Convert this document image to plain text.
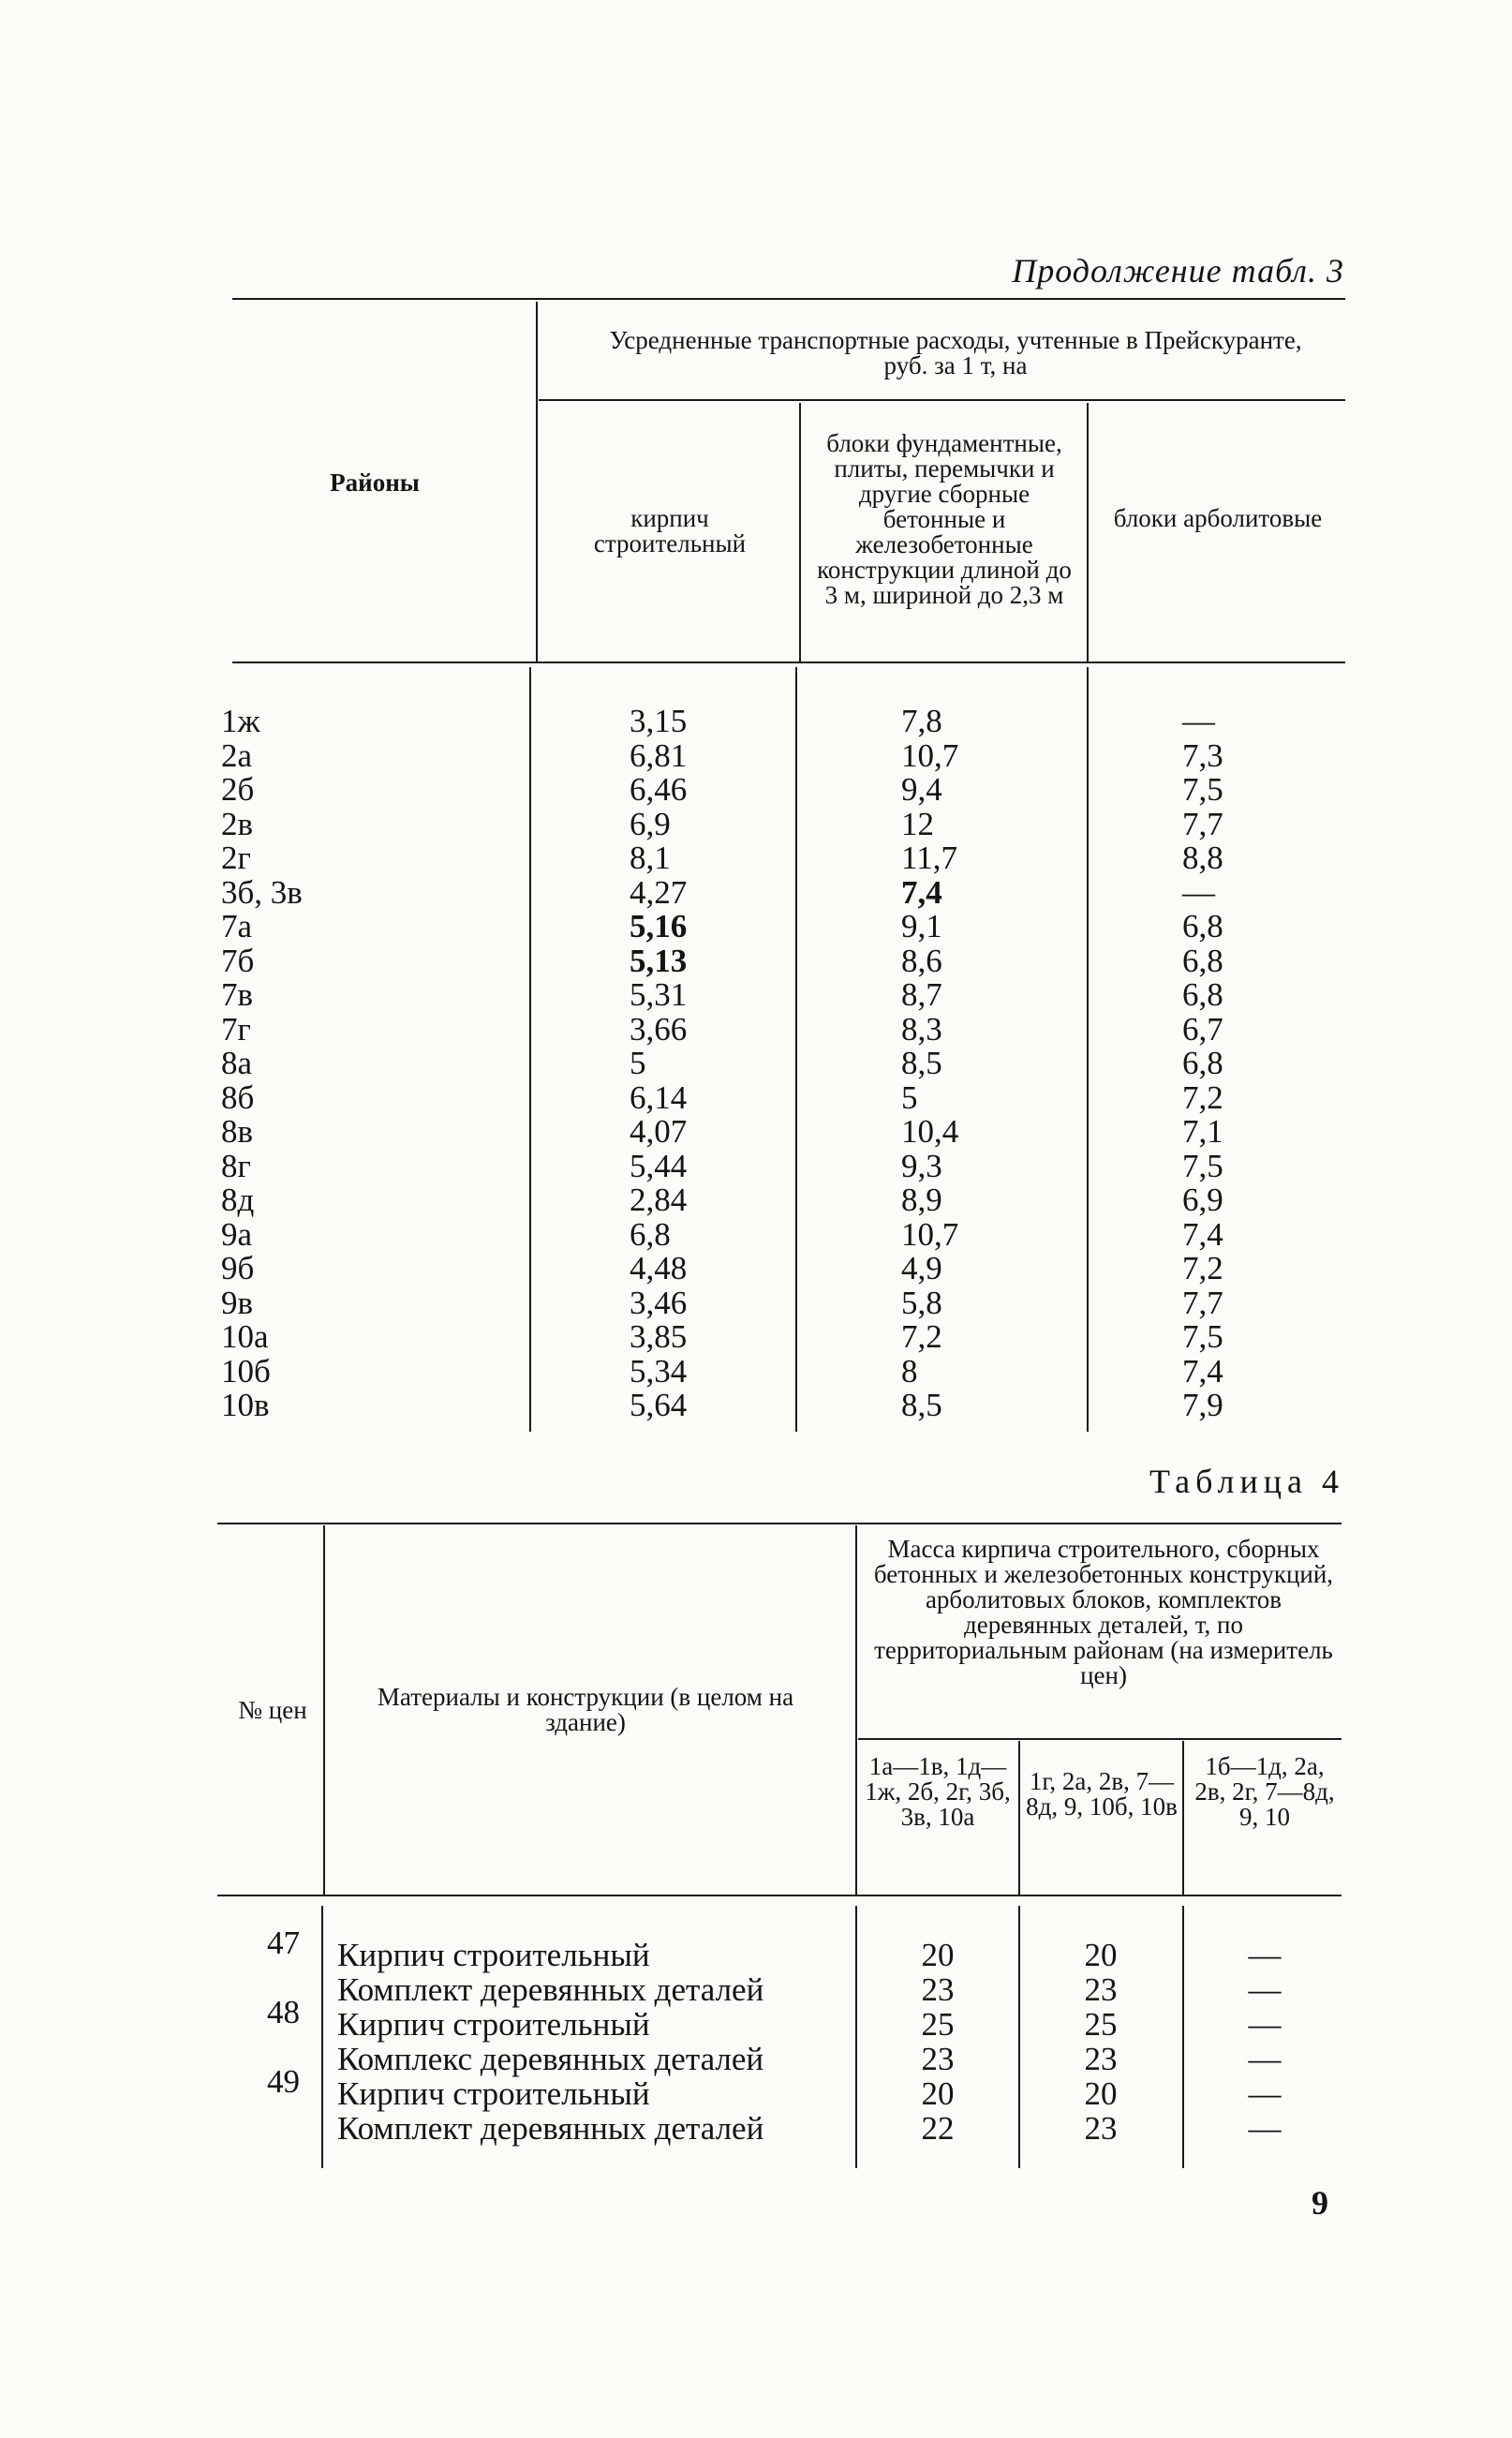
Продолжение табл. 3
Районы
Усредненные транспортные расходы, учтенные в Прейскуранте, руб. за 1 т, на
кирпич строительный
блоки фундаментные, плиты, перемычки и другие сборные бетонные и железобетонные конструкции длиной до 3 м, шириной до 2,3 м
блоки арболитовые
1ж
2а
2б
2в
2г
3б, 3в
7а
7б
7в
7г
8а
8б
8в
8г
8д
9а
9б
9в
10а
10б
10в
3,15
6,81
6,46
6,9
8,1
4,27
5,16
5,13
5,31
3,66
5
6,14
4,07
5,44
2,84
6,8
4,48
3,46
3,85
5,34
5,64
7,8
10,7
9,4
12
11,7
7,4
9,1
8,6
8,7
8,3
8,5
5
10,4
9,3
8,9
10,7
4,9
5,8
7,2
8
8,5
—
7,3
7,5
7,7
8,8
—
6,8
6,8
6,8
6,7
6,8
7,2
7,1
7,5
6,9
7,4
7,2
7,7
7,5
7,4
7,9
Таблица 4
№ цен	Материалы и конструкции (в целом на здание)
Масса кирпича строительного, сборных бетонных и железобетонных конструкций, арболитовых блоков, комплектов деревянных деталей, т, по территориальным районам (на измеритель цен)
1а—1в, 1д—1ж, 2б, 2г, 3б, 3в, 10а
1г, 2а, 2в, 7—8д, 9, 10б, 10в
1б—1д, 2а, 2в, 2г, 7—8д, 9, 10
47
48
49
Кирпич строительный
Комплект деревянных деталей
Кирпич строительный
Комплекс деревянных деталей
Кирпич строительный
Комплект деревянных деталей
20
23
25
23
20
22
20
23
25
23
20
23
—
—
—
—
—
—
9
